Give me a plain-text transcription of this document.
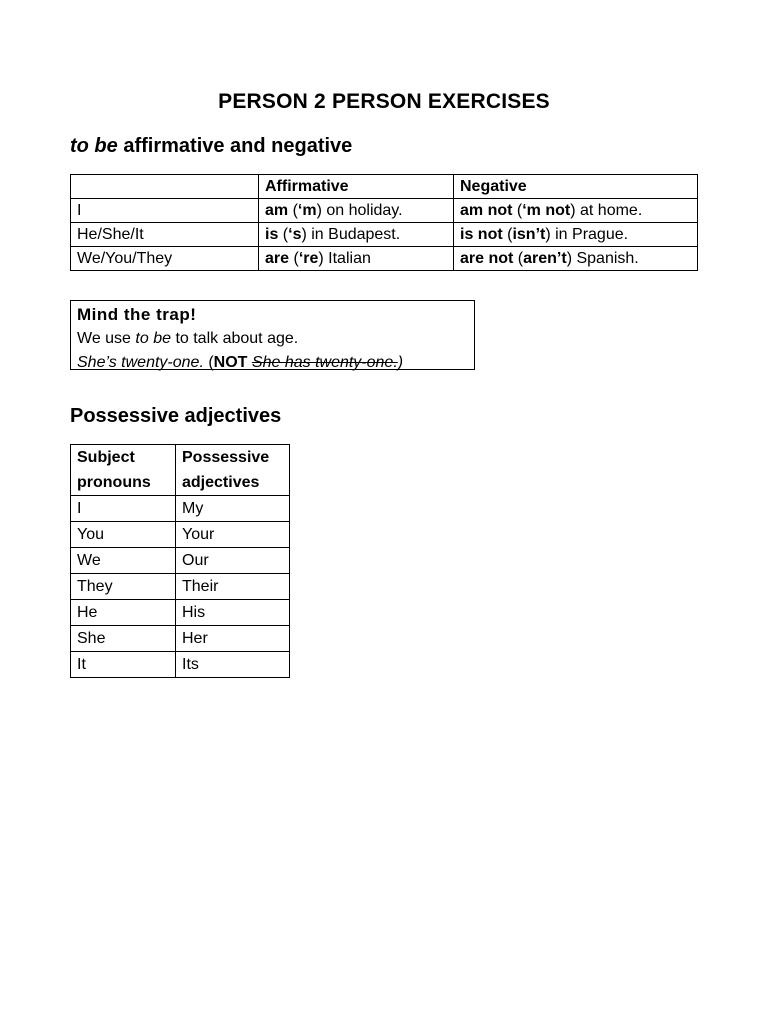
PERSON 2 PERSON EXERCISES
to be affirmative and negative
	Affirmative	Negative
I	am (‘m) on holiday.	am not (‘m not) at home.
He/She/It	is (‘s) in Budapest.	is not (isn’t) in Prague.
We/You/They	are (‘re) Italian	are not (aren’t) Spanish.
Mind the trap!
We use to be to talk about age.
She’s twenty-one. (NOT She has twenty-one.)
Possessive adjectives
Subject
pronouns	Possessive
adjectives
I	My
You	Your
We	Our
They	Their
He	His
She	Her
It	Its
